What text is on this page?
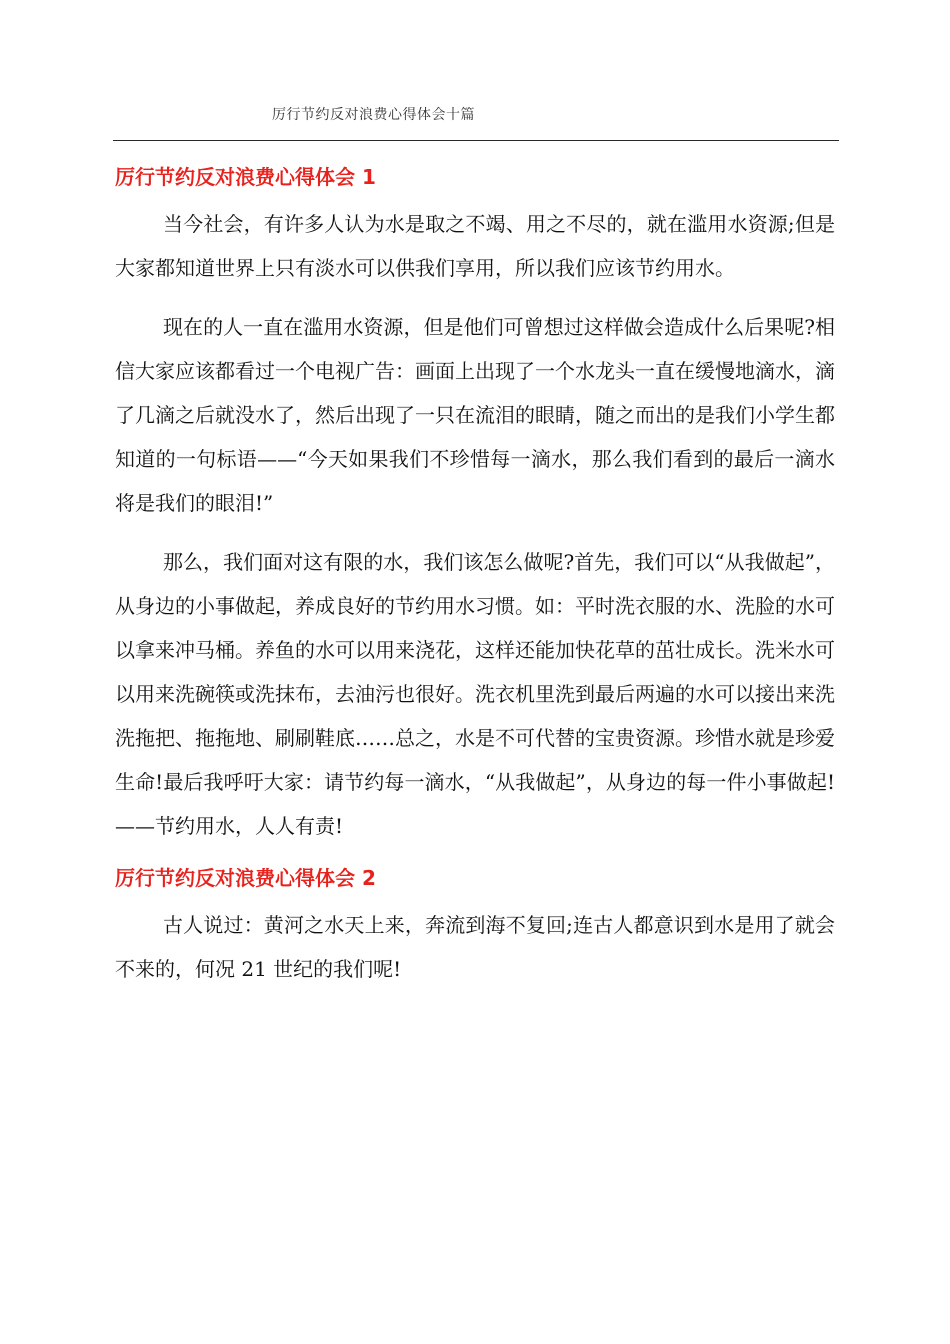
厉行节约反对浪费心得体会十篇
厉行节约反对浪费心得体会 1

当今社会，有许多人认为水是取之不竭、用之不尽的，就在滥用水资源;但是大家都知道世界上只有淡水可以供我们享用，所以我们应该节约用水。

现在的人一直在滥用水资源，但是他们可曾想过这样做会造成什么后果呢?相信大家应该都看过一个电视广告：画面上出现了一个水龙头一直在缓慢地滴水，滴了几滴之后就没水了，然后出现了一只在流泪的眼睛，随之而出的是我们小学生都知道的一句标语——“今天如果我们不珍惜每一滴水，那么我们看到的最后一滴水将是我们的眼泪!”

那么，我们面对这有限的水，我们该怎么做呢?首先，我们可以“从我做起”，从身边的小事做起，养成良好的节约用水习惯。如：平时洗衣服的水、洗脸的水可以拿来冲马桶。养鱼的水可以用来浇花，这样还能加快花草的茁壮成长。洗米水可以用来洗碗筷或洗抹布，去油污也很好。洗衣机里洗到最后两遍的水可以接出来洗洗拖把、拖拖地、刷刷鞋底……总之，水是不可代替的宝贵资源。珍惜水就是珍爱生命!最后我呼吁大家：请节约每一滴水，“从我做起”，从身边的每一件小事做起!——节约用水，人人有责!

厉行节约反对浪费心得体会 2

古人说过：黄河之水天上来，奔流到海不复回;连古人都意识到水是用了就会不来的，何况 21 世纪的我们呢!
